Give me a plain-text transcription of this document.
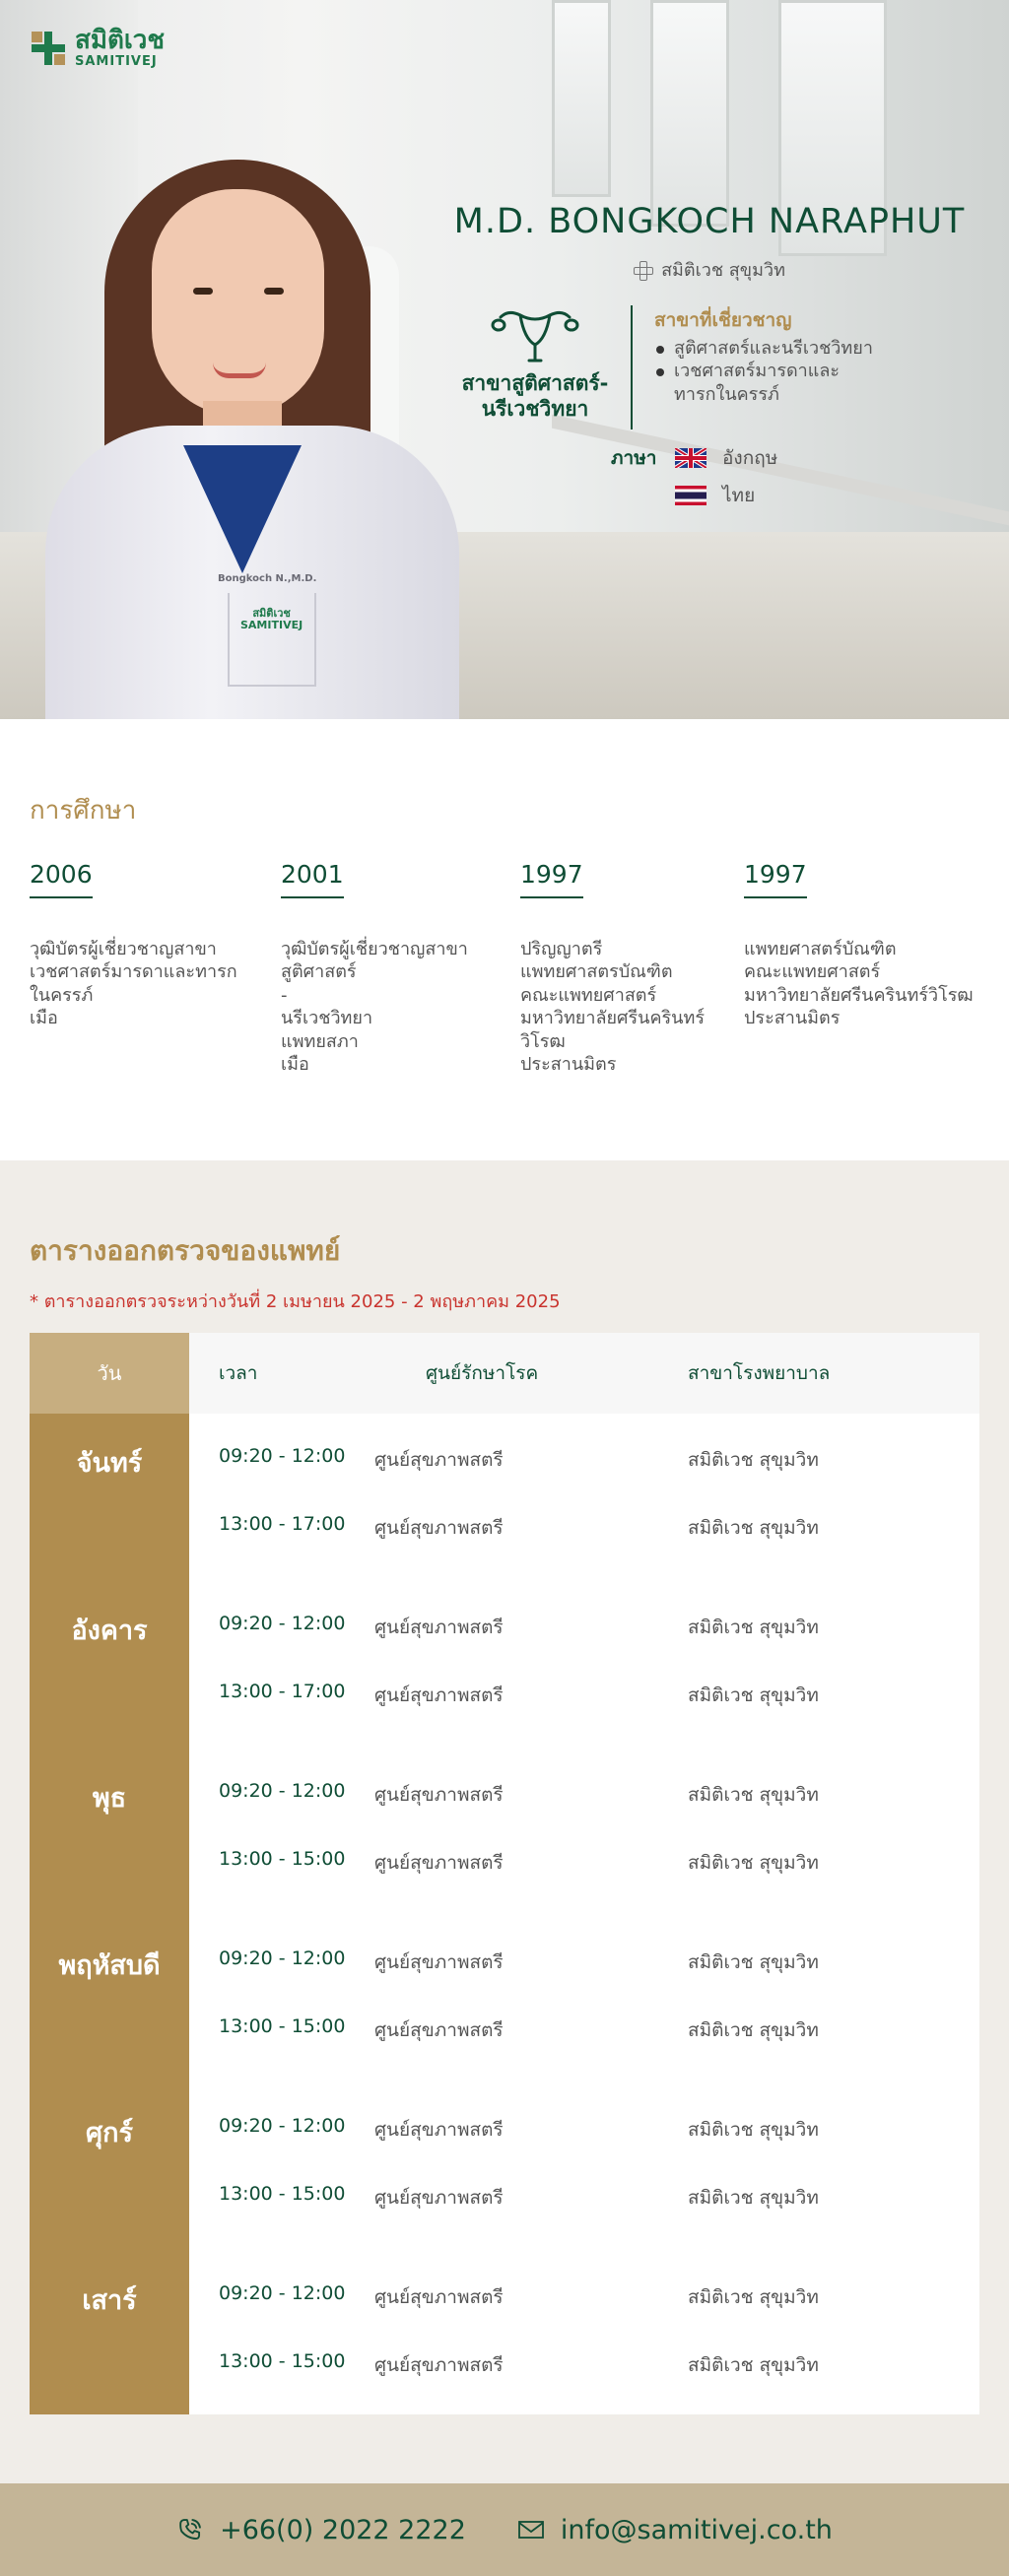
สมิติเวช
SAMITIVEJ
Bongkoch N.,M.D.
สมิติเวช
SAMITIVEJ
M.D. BONGKOCH NARAPHUT
สมิติเวช สุขุมวิท
สาขาสูติศาสตร์-นรีเวชวิทยา
สาขาที่เชี่ยวชาญ
สูติศาสตร์และนรีเวชวิทยา
เวชศาสตร์มารดาและทารกในครรภ์
ภาษา	อังกฤษ
ไทย
การศึกษา
2006
วุฒิบัตรผู้เชี่ยวชาญสาขา
เวชศาสตร์มารดาและทารก
ในครรภ์
เมือ
2001
วุฒิบัตรผู้เชี่ยวชาญสาขา
สูติศาสตร์
-
นรีเวชวิทยา
แพทยสภา
เมือ
1997
ปริญญาตรี
แพทยศาสตรบัณฑิต
คณะแพทยศาสตร์
มหาวิทยาลัยศรีนครินทร์
วิโรฒ
ประสานมิตร
1997
แพทยศาสตร์บัณฑิต
คณะแพทยศาสตร์
มหาวิทยาลัยศรีนครินทร์วิโรฒ
ประสานมิตร
ตารางออกตรวจของแพทย์
* ตารางออกตรวจระหว่างวันที่ 2 เมษายน 2025 - 2 พฤษภาคม 2025
วัน	เวลา	ศูนย์รักษาโรค	สาขาโรงพยาบาล
จันทร์	09:20 - 12:00	ศูนย์สุขภาพสตรี	สมิติเวช สุขุมวิท
13:00 - 17:00	ศูนย์สุขภาพสตรี	สมิติเวช สุขุมวิท
อังคาร	09:20 - 12:00	ศูนย์สุขภาพสตรี	สมิติเวช สุขุมวิท
13:00 - 17:00	ศูนย์สุขภาพสตรี	สมิติเวช สุขุมวิท
พุธ	09:20 - 12:00	ศูนย์สุขภาพสตรี	สมิติเวช สุขุมวิท
13:00 - 15:00	ศูนย์สุขภาพสตรี	สมิติเวช สุขุมวิท
พฤหัสบดี	09:20 - 12:00	ศูนย์สุขภาพสตรี	สมิติเวช สุขุมวิท
13:00 - 15:00	ศูนย์สุขภาพสตรี	สมิติเวช สุขุมวิท
ศุกร์	09:20 - 12:00	ศูนย์สุขภาพสตรี	สมิติเวช สุขุมวิท
13:00 - 15:00	ศูนย์สุขภาพสตรี	สมิติเวช สุขุมวิท
เสาร์	09:20 - 12:00	ศูนย์สุขภาพสตรี	สมิติเวช สุขุมวิท
13:00 - 15:00	ศูนย์สุขภาพสตรี	สมิติเวช สุขุมวิท
+66(0) 2022 2222	info@samitivej.co.th
